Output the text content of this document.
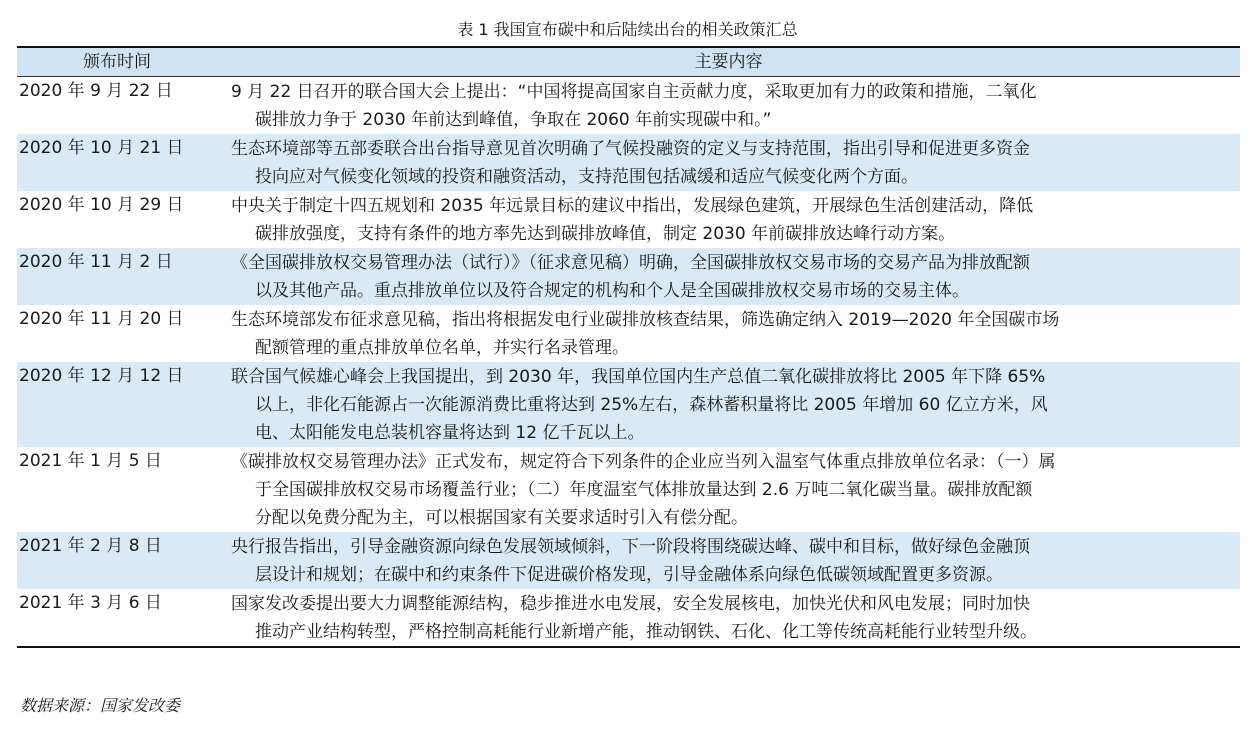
表 1 我国宣布碳中和后陆续出台的相关政策汇总
颁布时间	主要内容
2020 年 9 月 22 日	9 月 22 日召开的联合国大会上提出：“中国将提高国家自主贡献力度，采取更加有力的政策和措施，二氧化
碳排放力争于 2030 年前达到峰值，争取在 2060 年前实现碳中和。”
2020 年 10 月 21 日	生态环境部等五部委联合出台指导意见首次明确了气候投融资的定义与支持范围，指出引导和促进更多资金
投向应对气候变化领域的投资和融资活动，支持范围包括减缓和适应气候变化两个方面。
2020 年 10 月 29 日	中央关于制定十四五规划和 2035 年远景目标的建议中指出，发展绿色建筑，开展绿色生活创建活动，降低
碳排放强度，支持有条件的地方率先达到碳排放峰值，制定 2030 年前碳排放达峰行动方案。
2020 年 11 月 2 日	《全国碳排放权交易管理办法（试行）》（征求意见稿）明确，全国碳排放权交易市场的交易产品为排放配额
以及其他产品。重点排放单位以及符合规定的机构和个人是全国碳排放权交易市场的交易主体。
2020 年 11 月 20 日	生态环境部发布征求意见稿，指出将根据发电行业碳排放核查结果，筛选确定纳入 2019—2020 年全国碳市场
配额管理的重点排放单位名单，并实行名录管理。
2020 年 12 月 12 日	联合国气候雄心峰会上我国提出，到 2030 年，我国单位国内生产总值二氧化碳排放将比 2005 年下降 65%
以上，非化石能源占一次能源消费比重将达到 25%左右，森林蓄积量将比 2005 年增加 60 亿立方米，风
电、太阳能发电总装机容量将达到 12 亿千瓦以上。
2021 年 1 月 5 日	《碳排放权交易管理办法》正式发布，规定符合下列条件的企业应当列入温室气体重点排放单位名录：（一）属
于全国碳排放权交易市场覆盖行业；（二）年度温室气体排放量达到 2.6 万吨二氧化碳当量。碳排放配额
分配以免费分配为主，可以根据国家有关要求适时引入有偿分配。
2021 年 2 月 8 日	央行报告指出，引导金融资源向绿色发展领域倾斜，下一阶段将围绕碳达峰、碳中和目标，做好绿色金融顶
层设计和规划；在碳中和约束条件下促进碳价格发现，引导金融体系向绿色低碳领域配置更多资源。
2021 年 3 月 6 日	国家发改委提出要大力调整能源结构，稳步推进水电发展，安全发展核电，加快光伏和风电发展；同时加快
推动产业结构转型，严格控制高耗能行业新增产能，推动钢铁、石化、化工等传统高耗能行业转型升级。
数据来源：国家发改委
